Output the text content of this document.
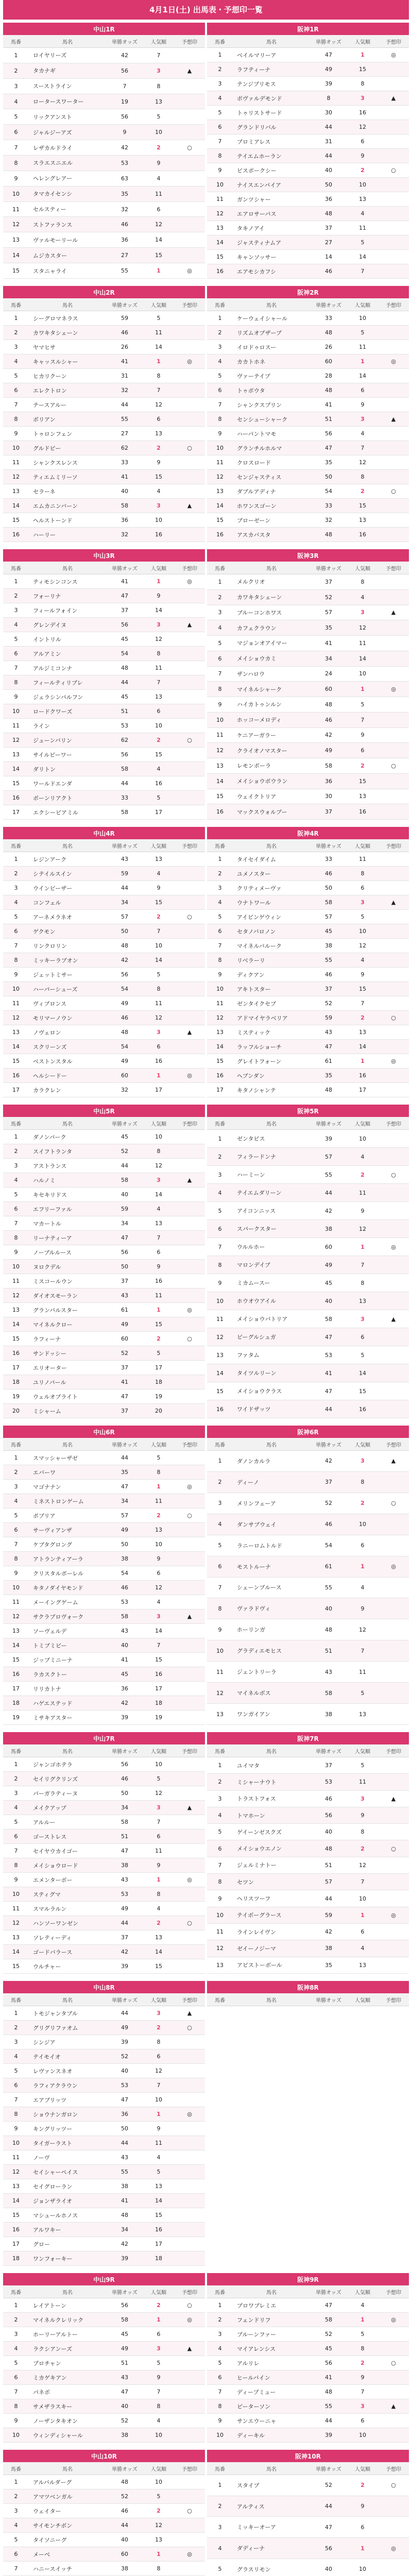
4月1日(土) 出馬表・予想印一覧
中山1R				
馬番	馬名	単勝オッズ	人気順	予想印
1	ロイヤリーズ	42	7	
2	タカナギ	56	3	▲
3	スーストライン	7	8	
4	ロータースワーター	19	13	
5	リックアンスト	56	5	
6	ジャルジーアズ	9	10	
7	レザカルドライ	42	2	○
8	スラエスニエル	53	9	
9	ヘレングレアー	63	4	
10	タマカイセンシ	35	11	
11	セルスティー	32	6	
12	ストファランス	46	12	
13	ヴァルモーリール	36	14	
14	ムジカスター	27	15	
15	スタニャライ	55	1	◎
阪神1R				
馬番	馬名	単勝オッズ	人気順	予想印
1	ベイルマリーア	47	1	◎
2	ラフティーナ	49	15	
3	テンジプリモス	39	8	
4	ボヴァルデモンド	8	3	▲
5	トゥリストサード	30	16	
6	グランドリバル	44	12	
7	ブロミアレス	31	6	
8	テイエムホーラン	44	9	
9	ビスポークシー	40	2	○
10	ナイスエンパイア	50	10	
11	ガンツシャー	36	13	
12	エアロサーパス	48	4	
13	タキノアイ	37	11	
14	ジャスティナムア	27	5	
15	キャンソッサー	14	14	
16	エアモシカフシ	46	7	
中山2R				
馬番	馬名	単勝オッズ	人気順	予想印
1	シーグロマネラス	59	5	
2	カワキタシェーン	46	11	
3	ヤマヒサ	26	14	
4	キャッスルシャー	41	1	◎
5	ヒカリクーン	31	8	
6	エレクトロン	32	7	
7	テースアルー	44	12	
8	ボリアン	55	6	
9	トゥロンフェン	27	13	
10	グルドピー	62	2	○
11	シャンクスレンス	33	9	
12	ティエムミリーソ	41	15	
13	セラーネ	40	4	
14	エムカニンバーン	58	3	▲
15	ヘルストーンド	36	10	
16	ハーリー	32	16	
阪神2R				
馬番	馬名	単勝オッズ	人気順	予想印
1	ケーウェイシャール	33	10	
2	リズムオブザーブ	48	5	
3	イロドゥロスー	26	11	
4	カカトホネ	60	1	◎
5	ヴァーテイプ	28	14	
6	トゥボウタ	48	6	
7	シャンクスプリン	41	9	
8	センシューシャーク	51	3	▲
9	ハーパントマモ	56	4	
10	グランチルホルマ	47	7	
11	クロスロード	35	12	
12	センジャスティス	50	8	
13	ダブルアディナ	54	2	○
14	ホワンスゴーン	33	15	
15	ブローゼーン	32	13	
16	アスカバスタ	48	16	
中山3R				
馬番	馬名	単勝オッズ	人気順	予想印
1	ティモシンコンス	41	1	◎
2	フォーリナ	47	9	
3	フィールフォイン	37	14	
4	グレンデイヌ	56	3	▲
5	イントリル	45	12	
6	アルアミン	54	8	
7	アルジミコンナ	48	11	
8	フィールティリブレ	44	7	
9	ジェラシンパルフン	45	13	
10	ロードクワーズ	51	6	
11	ライン	53	10	
12	ジューンバリン	62	2	○
13	サイルピーワー	56	15	
14	ダリトン	58	4	
15	ワールドエンダ	44	16	
16	ボーンリアクト	33	5	
17	エクシービアミル	58	17	
阪神3R				
馬番	馬名	単勝オッズ	人気順	予想印
1	メルクリオ	37	8	
2	カワキタシェーン	52	4	
3	ブルーコンホワス	57	3	▲
4	カフェクラウン	35	12	
5	マジョンオアイマー	41	11	
6	メイショウカミ	34	14	
7	ザンハロウ	24	10	
8	マイネルシャーク	60	1	◎
9	ハイカトゥンルン	48	5	
10	ホッコーメロディ	46	7	
11	ケニアーガラー	42	9	
12	クライオノマスター	49	6	
13	レモンボーラ	58	2	○
14	メイショウボウラン	36	15	
15	ウェイクトリア	30	13	
16	マックスウォルプー	37	16	
中山4R				
馬番	馬名	単勝オッズ	人気順	予想印
1	レジンアーク	43	13	
2	シテイルスイン	59	4	
3	ウインビーザー	44	9	
4	コンフェル	34	15	
5	アーネメラネオ	57	2	○
6	ゲクモン	50	7	
7	リンクロリン	48	10	
8	ミッキーラブオン	42	14	
9	ジェットミサー	56	5	
10	ハーパーシューズ	54	8	
11	ヴィブロンス	49	11	
12	モリマーノウン	46	12	
13	ノヴェロン	48	3	▲
14	スクリーンズ	54	6	
15	ベストンスタル	49	16	
16	ヘルシードー	60	1	◎
17	カラクレン	32	17	
阪神4R				
馬番	馬名	単勝オッズ	人気順	予想印
1	タイセイダイム	33	11	
2	ユメノスター	46	8	
3	クリティメーヴァ	50	6	
4	ウナトワール	58	3	▲
5	アイビンゲウィン	57	5	
6	セタノバロノン	45	10	
7	マイネルバルーク	38	12	
8	リベラーリ	55	4	
9	ディクアン	46	9	
10	アキトスター	37	15	
11	ゼンタイクセプ	52	7	
12	アドマイヤラベリア	59	2	○
13	ミスティック	43	13	
14	ラッフルショーチ	47	14	
15	グレイトフォーン	61	1	◎
16	ヘブンダン	35	16	
17	キタノシャンテ	48	17	
中山5R				
馬番	馬名	単勝オッズ	人気順	予想印
1	ダノンパーク	45	10	
2	スイフトランタ	52	8	
3	アストランス	44	12	
4	ハルノミ	58	3	▲
5	キセキリドス	40	14	
6	エフリーファル	59	4	
7	マカートル	34	13	
8	リーナティーア	47	7	
9	ノーブルルース	56	6	
10	ヌロクデル	50	9	
11	ミスコールウン	37	16	
12	ダイオスモーラン	43	11	
13	グランバルスター	61	1	◎
14	マイネルクロー	49	15	
15	ラフィーナ	60	2	○
16	サンドッシー	52	5	
17	エリオーター	37	17	
18	ユリノパール	41	18	
19	ウェルオブライト	47	19	
20	ミシャーム	37	20	
阪神5R				
馬番	馬名	単勝オッズ	人気順	予想印
1	ゼンタピス	39	10	
2	フィラードンナ	57	4	
3	ハーミーン	55	2	○
4	テイエムダリーン	44	11	
5	アイコンニッス	42	9	
6	スパークスター	38	12	
7	ウルルホー	60	1	◎
8	マロンデイブ	49	7	
9	ミカムースー	45	8	
10	ホウオウアイル	40	13	
11	メイショウバトリア	58	3	▲
12	ビーグルシュガ	47	6	
13	ファタム	53	5	
14	タイツルリーン	41	14	
15	メイショウクラス	47	15	
16	ワイドザッツ	44	16	
中山6R				
馬番	馬名	単勝オッズ	人気順	予想印
1	スマッシャーザゼ	44	5	
2	エバーワ	35	8	
3	マゴナナン	47	1	◎
4	ミネストロンゲーム	34	11	
5	ポプリア	57	2	○
6	サーヴィアンザ	49	13	
7	ケブタグロング	50	10	
8	アトランティアーラ	38	9	
9	クリスタルボーレル	54	6	
10	キタノダイヤモンド	46	12	
11	メーイングゲーム	53	4	
12	サクラプロヴォーク	58	3	▲
13	ソーヴェルデ	43	14	
14	トミブミビー	40	7	
15	ジップミニーナ	41	15	
16	ラカスクトー	45	16	
17	リリカトナ	36	17	
18	ハゲエステッド	42	18	
19	ミサキアスター	39	19	
阪神6R				
馬番	馬名	単勝オッズ	人気順	予想印
1	ダノンカルラ	42	3	▲
2	ディーノ	37	8	
3	メリンフェーア	52	2	○
4	ダンサブウェイ	46	10	
5	ラニーロムトルド	54	6	
6	モストルーナ	61	1	◎
7	シェーンブルース	55	4	
8	ヴァラドヴィ	40	9	
9	ホーリンガ	48	12	
10	グラディエモヒス	51	7	
11	ジェントリーラ	43	11	
12	マイネルボス	58	5	
13	ワンガイアン	38	13	
中山7R				
馬番	馬名	単勝オッズ	人気順	予想印
1	ジャンゴホテラ	56	10	
2	セイリグクリンズ	46	5	
3	パーガラティーヌ	50	12	
4	メイクアップ	34	3	▲
5	アルルー	58	7	
6	ゴーストレス	51	6	
7	セイヤウカイゴー	47	11	
8	メイショウロード	38	9	
9	エメンターボー	43	1	◎
10	スティグマ	53	8	
11	スマルラルン	49	4	
12	ハンソーワンゼン	44	2	○
13	ソレティーディ	37	13	
14	ゴードバラース	42	14	
15	ウルチャー	39	15	
阪神7R				
馬番	馬名	単勝オッズ	人気順	予想印
1	ユイマタ	37	5	
2	ミシャーナウト	53	11	
3	トラストフォス	46	3	▲
4	トマホーン	56	9	
5	ゲイーンゼスクズ	40	8	
6	メイショウエノン	48	2	○
7	ジェルミナトー	51	12	
8	セツン	57	7	
9	ヘリスツーフ	44	10	
10	テイボーグラース	59	1	◎
11	ラインレイヴン	42	6	
12	ゼイーノジーマ	38	4	
13	アビストーボール	35	13	
中山8R				
馬番	馬名	単勝オッズ	人気順	予想印
1	トモジャンタブル	44	3	▲
2	グリグリファオム	49	2	○
3	シンジア	39	8	
4	テイモイオ	52	6	
5	レヴァンスネオ	40	12	
6	ラフィアクラウン	53	7	
7	エアブリッツ	47	10	
8	ショウナンガロン	36	1	◎
9	キングリッツー	50	9	
10	タイガーラスト	44	11	
11	ノーヴ	43	4	
12	セイシャーペイス	55	5	
13	セイグローラン	38	13	
14	ジョンザライオ	41	14	
15	マシュールホノス	48	15	
16	アルワキー	34	16	
17	グロー	42	17	
18	ワンフォーキー	39	18	
阪神8R
馬番	馬名	単勝オッズ	人気順	予想印
中山9R				
馬番	馬名	単勝オッズ	人気順	予想印
1	レイアトーン	56	2	○
2	マイネルクレリック	58	1	◎
3	ホーリーアルトー	45	6	
4	ラクシアンーズ	49	3	▲
5	ブロチャン	51	5	
6	ミカゲキアン	43	9	
7	パネボ	47	7	
8	サメザラスキー	40	8	
9	ノーザンタキオン	52	4	
10	ウィンディシャール	38	10	
阪神9R				
馬番	馬名	単勝オッズ	人気順	予想印
1	ブロワプレミエ	47	4	
2	フェンドリフ	58	1	◎
3	ブルーンファー	52	5	
4	マイアレンシス	45	8	
5	アルリレ	56	2	○
6	ヒールバイン	41	9	
7	ディープミュー	48	7	
8	ピーターソン	55	3	▲
9	サンエウーニャ	44	6	
10	ディーキル	39	10	
中山10R				
馬番	馬名	単勝オッズ	人気順	予想印
1	アルバルダーグ	48	10	
2	アマツベンガル	52	5	
3	ウェイター	46	2	○
4	サイモンチボン	44	12	
5	タイソニーグ	40	13	
6	メーベ	60	1	◎
7	ハニースイッチ	38	8	

阪神10R				
馬番	馬名	単勝オッズ	人気順	予想印
1	スタイプ	52	2	○
2	アルティス	44	9	
3	ミッキーオーア	47	6	
4	ダディーナ	56	1	◎
5	グラスリモン	40	10	
